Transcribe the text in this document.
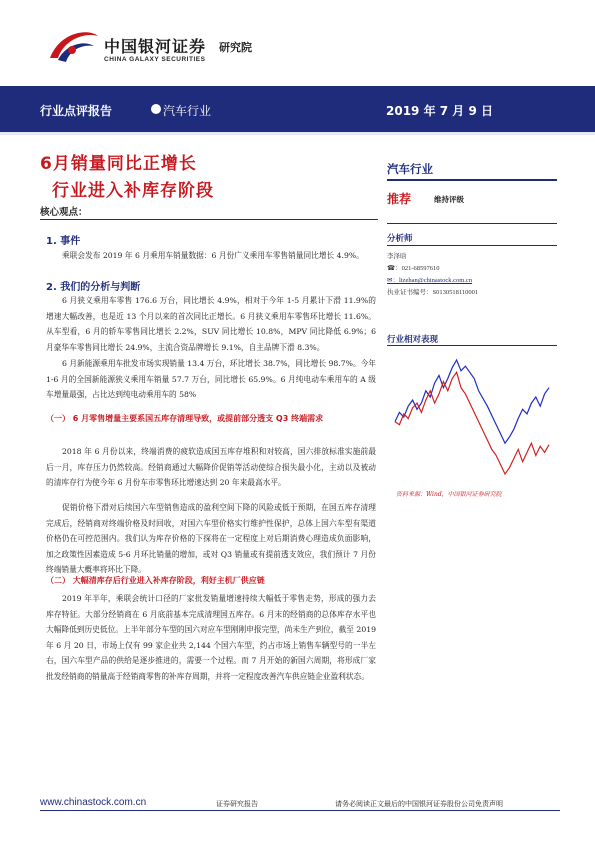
中国银河证券 研究院
CHINA GALAXY SECURITIES
行业点评报告	汽车行业	2019 年 7 月 9 日
6月销量同比正增长
行业进入补库存阶段
核心观点：
1. 事件
乘联会发布 2019 年 6 月乘用车销量数据：6 月份广义乘用车零售销量同比增长 4.9%。
2. 我们的分析与判断
6 月狭义乘用车零售 176.6 万台，同比增长 4.9%，相对于今年 1-5 月累计下滑 11.9%的增速大幅改善，也是近 13 个月以来的首次同比正增长。6 月狭义乘用车零售环比增长 11.6%。从车型看，6 月的轿车零售同比增长 2.2%，SUV 同比增长 10.8%，MPV 同比降低 6.9%；6 月豪华车零售同比增长 24.9%，主流合资品牌增长 9.1%，自主品牌下滑 8.3%。
6 月新能源乘用车批发市场实现销量 13.4 万台，环比增长 38.7%，同比增长 98.7%。今年 1-6 月的全国新能源狭义乘用车销量 57.7 万台，同比增长 65.9%。6 月纯电动车乘用车的 A 级车增量最强，占比达到纯电动乘用车的 58%
（一） 6 月零售增量主要系国五库存清理导致，或提前部分透支 Q3 终端需求
2018 年 6 月份以来，终端消费的疲软造成国五库存堆积和对较高，国六排放标准实施前最后一月，库存压力仍然较高。经销商通过大幅降价促销等活动使综合损失最小化，主动以及被动的清库存行为使今年 6 月份车市零售环比增速达到 20 年来最高水平。
促销价格下滑对后续国六车型销售造成的盈利空间下降的风险或低于预期，在国五库存清理完成后，经销商对终端价格及时回收，对国六车型价格实行维护性保护，总体上国六车型有渠道价格仍在可控范围内。我们认为库存价格的下探将在一定程度上对后期消费心理造成负面影响，加之政策性因素造成 5-6 月环比销量的增加，或对 Q3 销量或有提前透支效应，我们预计 7 月份终端销量大概率将环比下降。
（二） 大幅清库存后行业进入补库存阶段，利好主机厂供应链
2019 年半年，乘联会统计口径的厂家批发销量增速持续大幅低于零售走势，形成的强力去库存特征。大部分经销商在 6 月底前基本完成清理国五库存。6 月末的经销商的总体库存水平也大幅降低到历史低位。上半年部分车型的国六对应车型刚刚申报完型，尚未生产到位，截至 2019 年 6 月 20 日，市场上仅有 99 家企业共 2,144 个国六车型，约占市场上销售车辆型号的一半左右，国六车型产品的供给是逐步推进的，需要一个过程。而 7 月开始的新国六周期，将形成厂家批发经销商的销量高于经销商零售的补库存周期，并将一定程度改善汽车供应链企业盈利状态。
汽车行业
推荐	维持评级
分析师
李泽晗
☎：021-68597610
✉：lizehan@chinastock.com.cn
执业证书编号：S0130518110001
行业相对表现
资料来源：Wind，中国银河证券研究院
www.chinastock.com.cn	证券研究报告	请务必阅读正文最后的中国银河证券股份公司免责声明
